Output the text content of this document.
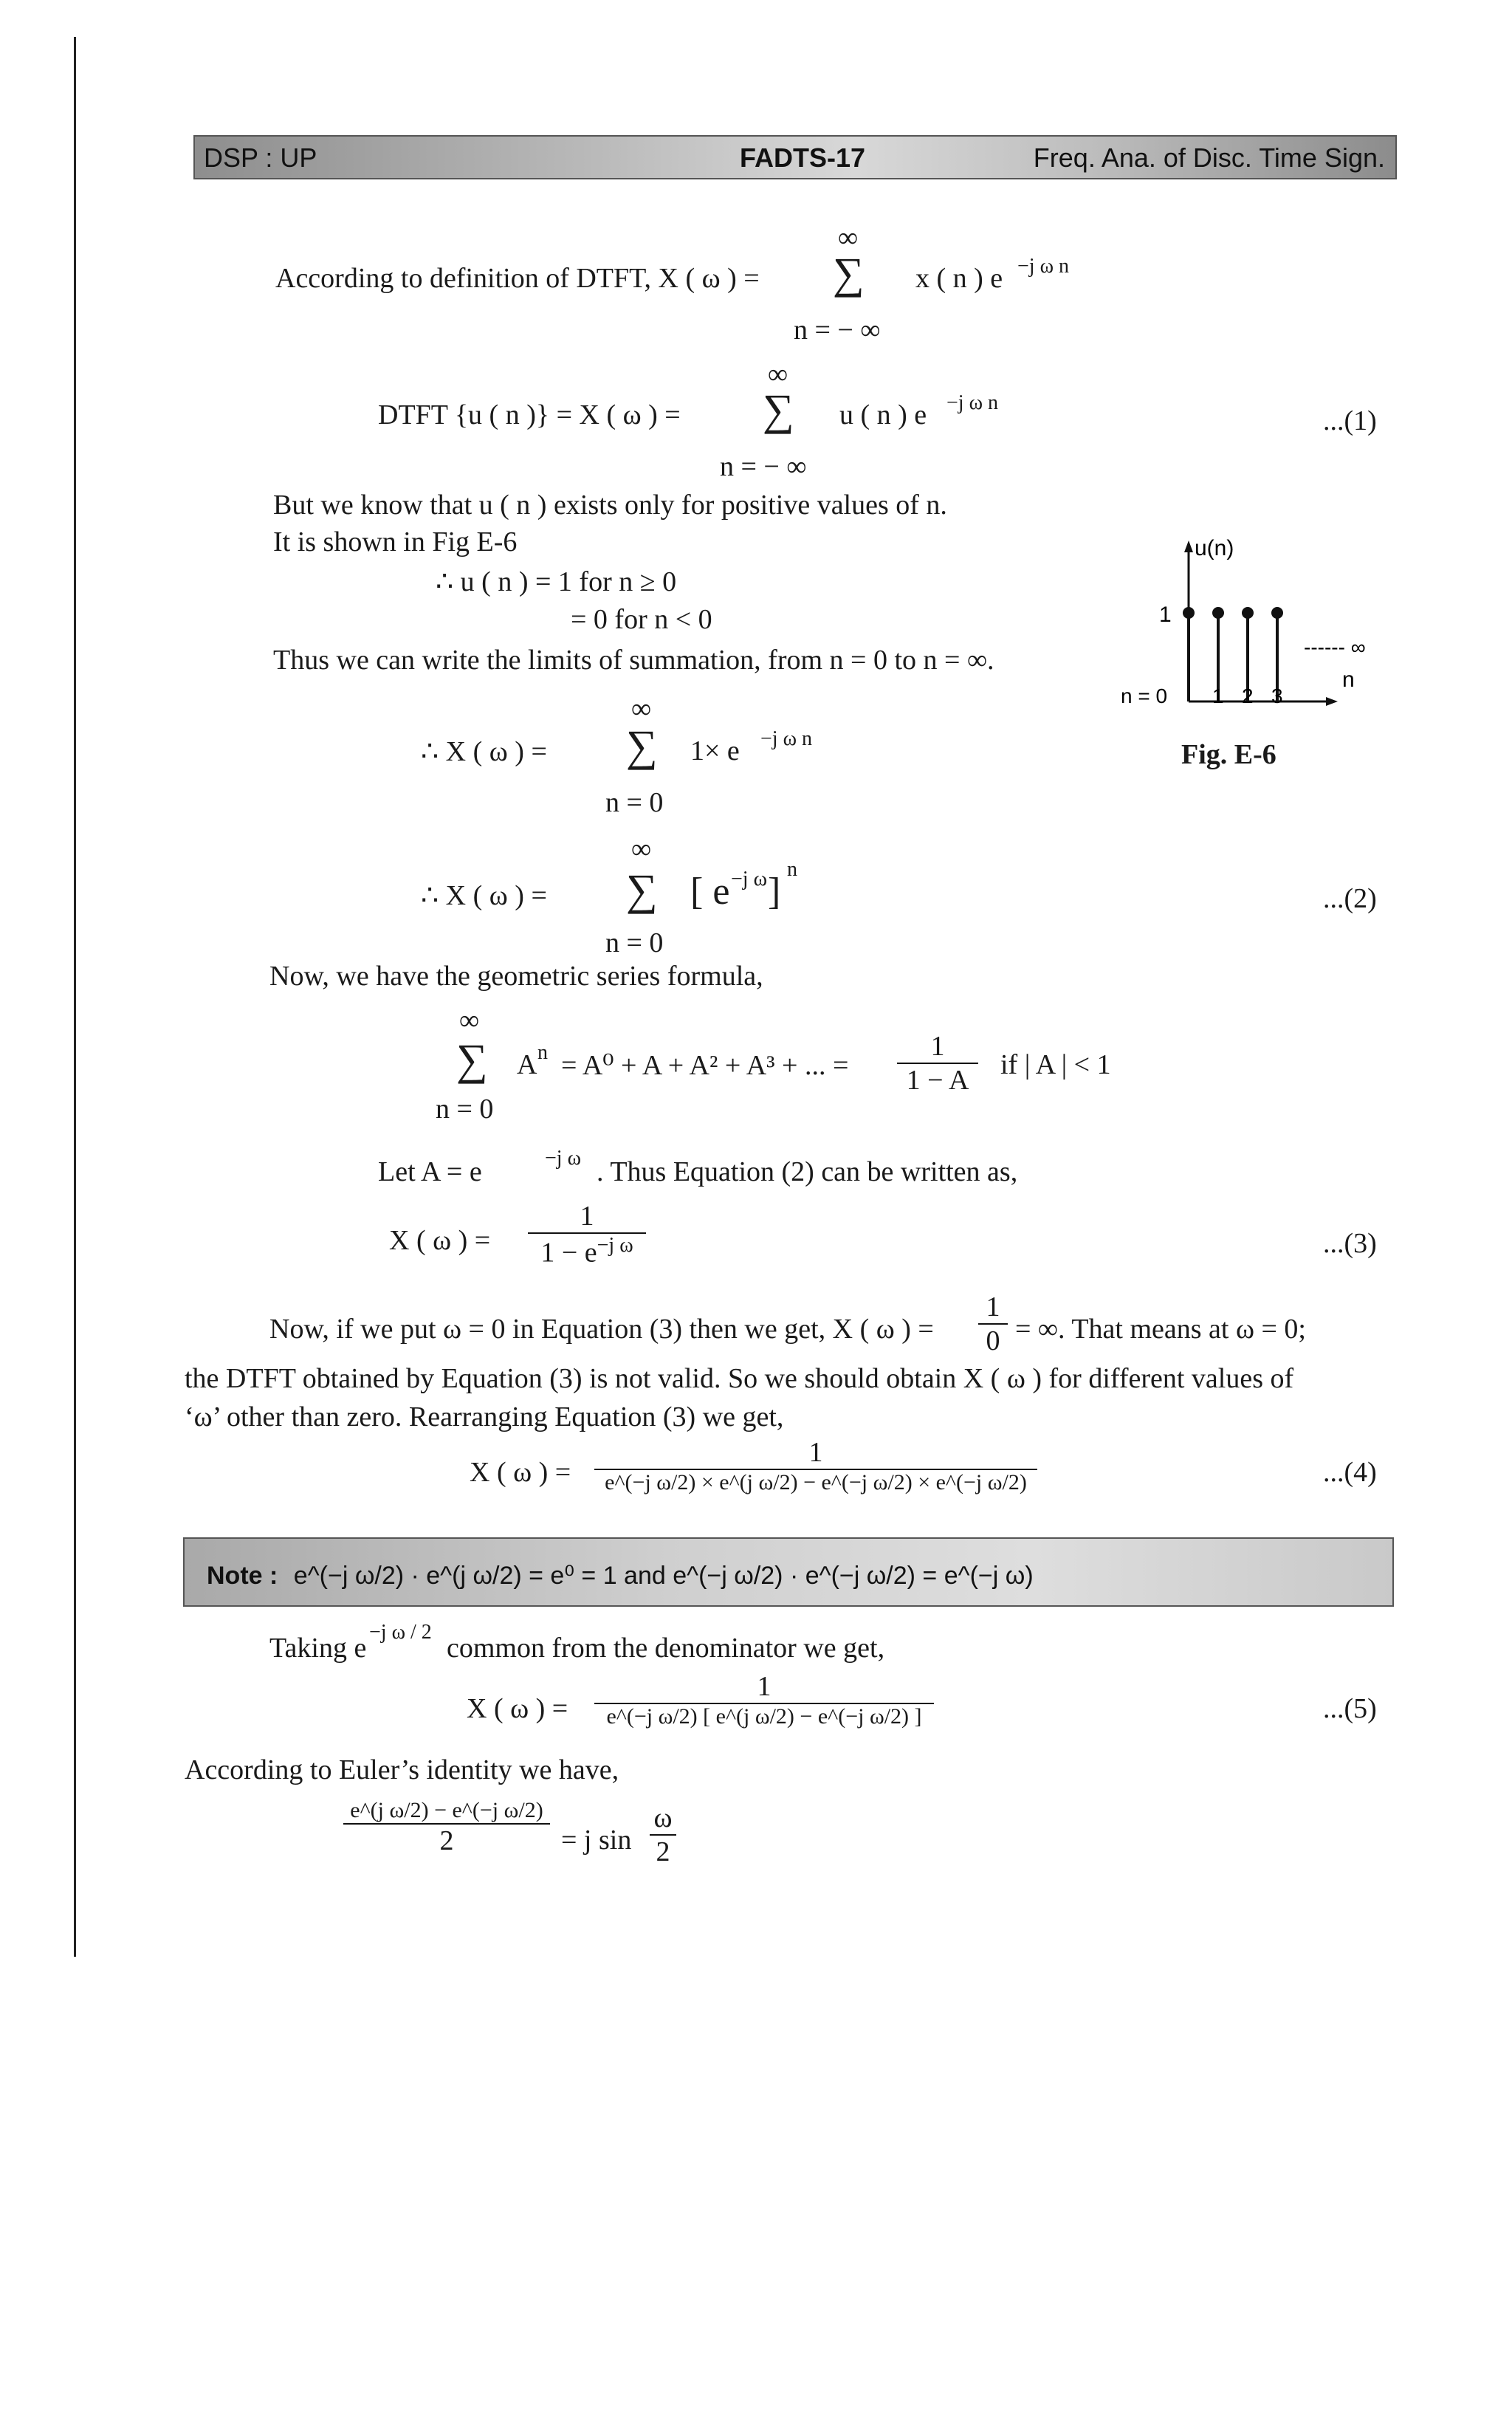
DSP : UP	FADTS-17	Freq. Ana. of Disc. Time Sign.
∞
According to definition of DTFT, X ( ω ) = ∑ x ( n ) e −j ω n
n = − ∞
∞
DTFT {u ( n )} = X ( ω ) = ∑ u ( n ) e −j ω n
n = − ∞
...(1)
But we know that u ( n ) exists only for positive values of n.
It is shown in Fig E-6
∴ u ( n ) = 1 for n ≥ 0
= 0 for n < 0
Thus we can write the limits of summation, from n = 0 to n = ∞.
u(n)
1
------ ∞
n
n = 0 1 2 3
Fig. E-6
∞
∴ X ( ω ) = ∑ 1× e −j ω n
n = 0
∞
∴ X ( ω ) = ∑ [ e −j ω ]
n
n = 0
...(2)
Now, we have the geometric series formula,
∞
∑ A n = A⁰ + A + A² + A³ + ... = $\frac{1}{1 - A}$ if | A | < 1
n = 0
Let A = e	−j ω . Thus Equation (2) can be written as,
X ( ω ) =
1
$1 - e^{-j \omega}$	...(3)
Now, if we put ω = 0 in Equation (3) then we get, X ( ω ) = $\frac{1}{0}$ = ∞. That means at ω = 0;
the DTFT obtained by Equation (3) is not valid. So we should obtain X ( ω ) for different values of
‘ω’ other than zero. Rearranging Equation (3) we get,
X ( ω ) =
1
e^(−j ω/2) × e^(j ω/2) − e^(−j ω/2) × e^(−j ω/2)	...(4)
Note : e^(−j ω/2) · e^(j ω/2) = e⁰ = 1 and e^(−j ω/2) · e^(−j ω/2) = e^(−j ω)
Taking e
−j ω / 2
common from the denominator we get,
X ( ω ) =
1
e^(−j ω/2) [ e^(j ω/2) − e^(−j ω/2) ]	...(5)
According to Euler’s identity we have,
e^(j ω/2) − e^(−j ω/2)
2	= j sin
ω
2
